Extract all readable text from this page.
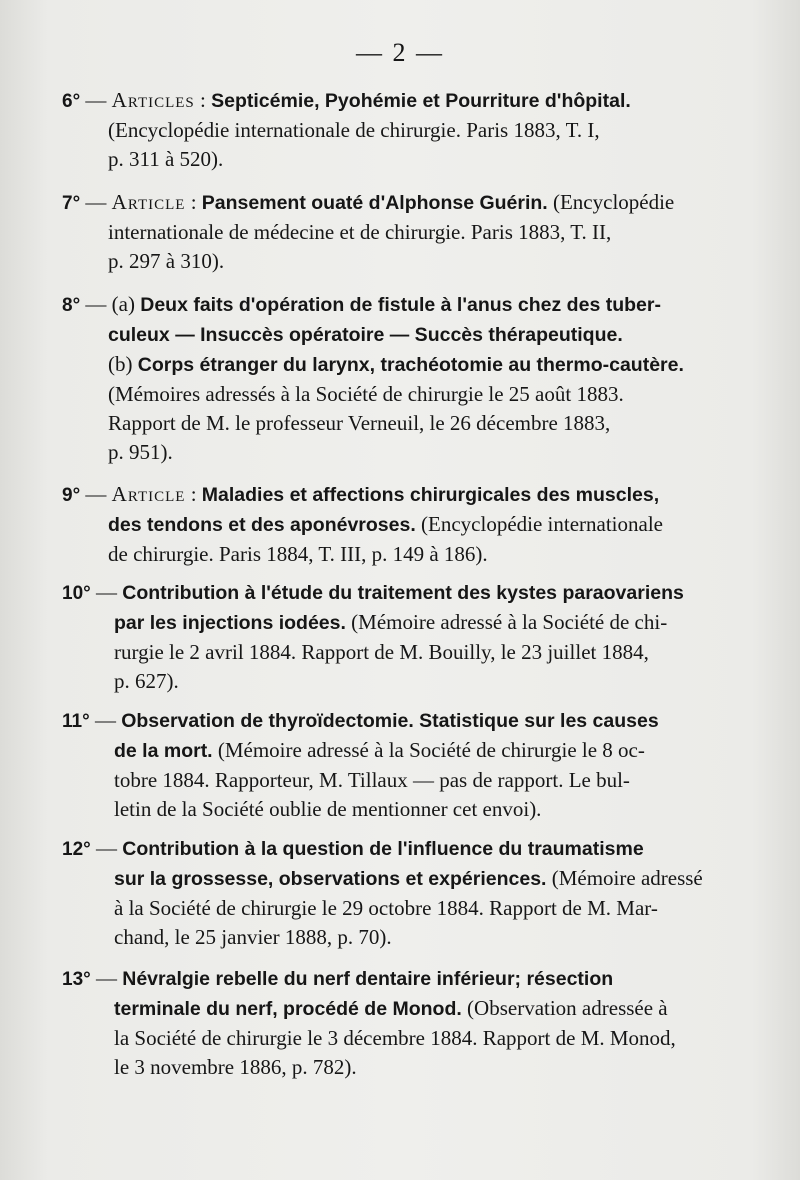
— 2 —
6° — Articles : Septicémie, Pyohémie et Pourriture d'hôpital.
(Encyclopédie internationale de chirurgie. Paris 1883, T. I,
p. 311 à 520).
7° — Article : Pansement ouaté d'Alphonse Guérin. (Encyclopédie
internationale de médecine et de chirurgie. Paris 1883, T. II,
p. 297 à 310).
8° — (a) Deux faits d'opération de fistule à l'anus chez des tuber-
culeux — Insuccès opératoire — Succès thérapeutique.
(b) Corps étranger du larynx, trachéotomie au thermo-cautère.
(Mémoires adressés à la Société de chirurgie le 25 août 1883.
Rapport de M. le professeur Verneuil, le 26 décembre 1883,
p. 951).
9° — Article : Maladies et affections chirurgicales des muscles,
des tendons et des aponévroses. (Encyclopédie internationale
de chirurgie. Paris 1884, T. III, p. 149 à 186).
10° — Contribution à l'étude du traitement des kystes paraovariens
par les injections iodées. (Mémoire adressé à la Société de chi-
rurgie le 2 avril 1884. Rapport de M. Bouilly, le 23 juillet 1884,
p. 627).
11° — Observation de thyroïdectomie. Statistique sur les causes
de la mort. (Mémoire adressé à la Société de chirurgie le 8 oc-
tobre 1884. Rapporteur, M. Tillaux — pas de rapport. Le bul-
letin de la Société oublie de mentionner cet envoi).
12° — Contribution à la question de l'influence du traumatisme
sur la grossesse, observations et expériences. (Mémoire adressé
à la Société de chirurgie le 29 octobre 1884. Rapport de M. Mar-
chand, le 25 janvier 1888, p. 70).
13° — Névralgie rebelle du nerf dentaire inférieur; résection
terminale du nerf, procédé de Monod. (Observation adressée à
la Société de chirurgie le 3 décembre 1884. Rapport de M. Monod,
le 3 novembre 1886, p. 782).
